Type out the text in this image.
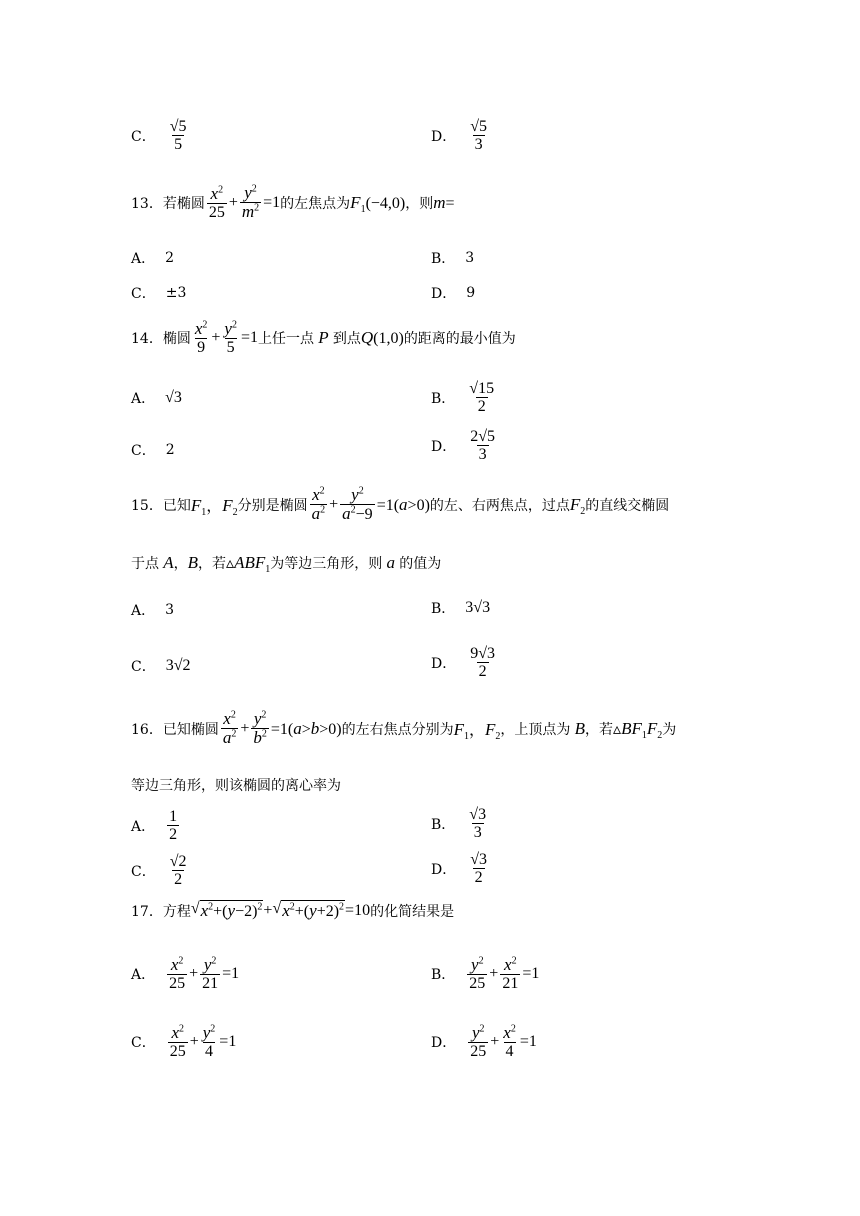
C． $\frac{√5}{5}$	D． $\frac{√5}{3}$
13． 若椭圆 $\frac{x^2}{25} + \frac{y^2}{m^2} =1$ 的左焦点为 $F_1(-4,0)$ ，则 m=
A． 2	B． 3
C． ±3	D． 9
14． 椭圆 $\frac{x^2}{9} + \frac{y^2}{5} =1$ 上任一点 P 到点 Q(1,0) 的距离的最小值为
A． √3	B． $\frac{√15}{2}$
C． 2	D． $\frac{2√5}{3}$
15． 已知 $F_1$，$F_2$ 分别是椭圆 $\frac{x^2}{a^2} + \frac{y^2}{a^2-9} =1(a>0)$ 的左、右两焦点，过点 $F_2$ 的直线交椭圆
于点 A ， B ，若 $▵ABF_1$ 为等边三角形，则 a 的值为
A． 3	B． 3√3
C． 3√2	D． $\frac{9√3}{2}$
16． 已知椭圆 $\frac{x^2}{a^2} + \frac{y^2}{b^2} =1(a>b>0)$ 的左右焦点分别为 $F_1$，$F_2$ ，上顶点为 B ，若 $▵BF_1F_2$ 为
等边三角形，则该椭圆的离心率为
A． $\frac{1}{2}$	B． $\frac{√3}{3}$
C． $\frac{√2}{2}$	D． $\frac{√3}{2}$
17． 方程 √ $x^2+(y-2)^2$ + √ $x^2+(y+2)^2 =10$ 的化简结果是
A． $\frac{x^2}{25} + \frac{y^2}{21} =1$	B． $\frac{y^2}{25} + \frac{x^2}{21} =1$
C． $\frac{x^2}{25} + \frac{y^2}{4} =1$	D． $\frac{y^2}{25} + \frac{x^2}{4} =1$
